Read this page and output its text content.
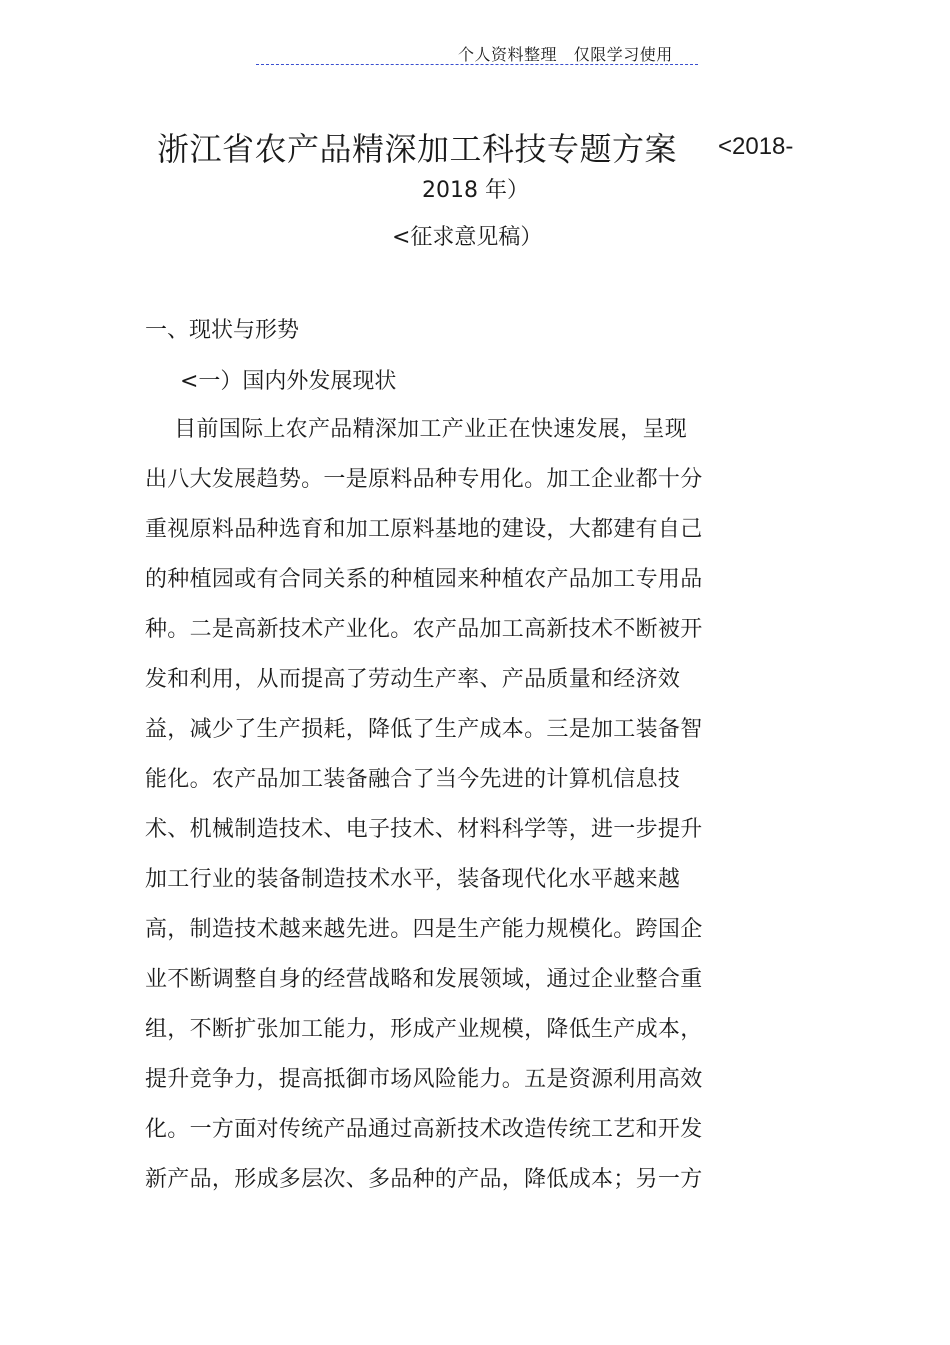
个人资料整理   仅限学习使用
浙江省农产品精深加工科技专题方案 <2018-
2018 年）
<征求意见稿）
一、现状与形势
<一）国内外发展现状
目前国际上农产品精深加工产业正在快速发展，呈现
出八大发展趋势。一是原料品种专用化。加工企业都十分
重视原料品种选育和加工原料基地的建设，大都建有自己
的种植园或有合同关系的种植园来种植农产品加工专用品
种。二是高新技术产业化。农产品加工高新技术不断被开
发和利用，从而提高了劳动生产率、产品质量和经济效
益，减少了生产损耗，降低了生产成本。三是加工装备智
能化。农产品加工装备融合了当今先进的计算机信息技
术、机械制造技术、电子技术、材料科学等，进一步提升
加工行业的装备制造技术水平，装备现代化水平越来越
高，制造技术越来越先进。四是生产能力规模化。跨国企
业不断调整自身的经营战略和发展领域，通过企业整合重
组，不断扩张加工能力，形成产业规模，降低生产成本，
提升竞争力，提高抵御市场风险能力。五是资源利用高效
化。一方面对传统产品通过高新技术改造传统工艺和开发
新产品，形成多层次、多品种的产品，降低成本；另一方
